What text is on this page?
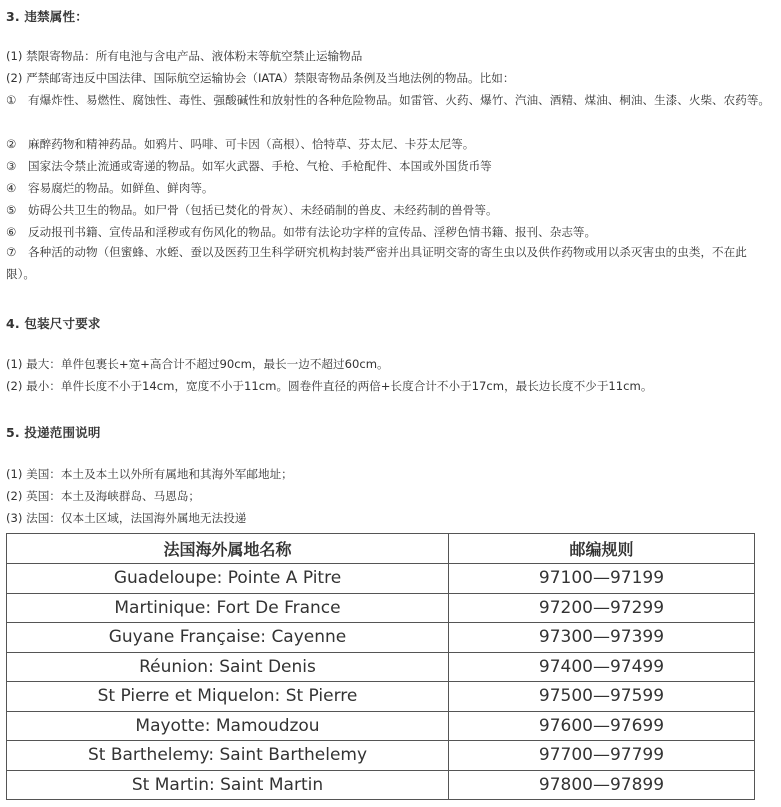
3. 违禁属性：
(1) 禁限寄物品：所有电池与含电产品、液体粉末等航空禁止运输物品
(2) 严禁邮寄违反中国法律、国际航空运输协会（IATA）禁限寄物品条例及当地法例的物品。比如：
① 有爆炸性、易燃性、腐蚀性、毒性、强酸碱性和放射性的各种危险物品。如雷管、火药、爆竹、汽油、酒精、煤油、桐油、生漆、火柴、农药等。
② 麻醉药物和精神药品。如鸦片、吗啡、可卡因（高根）、恰特草、芬太尼、卡芬太尼等。
③ 国家法令禁止流通或寄递的物品。如军火武器、手枪、气枪、手枪配件、本国或外国货币等
④ 容易腐烂的物品。如鲜鱼、鲜肉等。
⑤ 妨碍公共卫生的物品。如尸骨（包括已焚化的骨灰）、未经硝制的兽皮、未经药制的兽骨等。
⑥ 反动报刊书籍、宣传品和淫秽或有伤风化的物品。如带有法论功字样的宣传品、淫秽色情书籍、报刊、杂志等。
⑦ 各种活的动物（但蜜蜂、水蛭、蚕以及医药卫生科学研究机构封装严密并出具证明交寄的寄生虫以及供作药物或用以杀灭害虫的虫类，不在此限）。
4. 包装尺寸要求
(1) 最大：单件包裹长+宽+高合计不超过90cm，最长一边不超过60cm。
(2) 最小：单件长度不小于14cm，宽度不小于11cm。圆卷件直径的两倍+长度合计不小于17cm，最长边长度不少于11cm。
5. 投递范围说明
(1) 美国：本土及本土以外所有属地和其海外军邮地址；
(2) 英国：本土及海峡群岛、马恩岛；
(3) 法国：仅本土区域，法国海外属地无法投递
法国海外属地名称	邮编规则
Guadeloupe: Pointe A Pitre	97100—97199
Martinique: Fort De France	97200—97299
Guyane Française: Cayenne	97300—97399
Réunion: Saint Denis	97400—97499
St Pierre et Miquelon: St Pierre	97500—97599
Mayotte: Mamoudzou	97600—97699
St Barthelemy: Saint Barthelemy	97700—97799
St Martin: Saint Martin	97800—97899
